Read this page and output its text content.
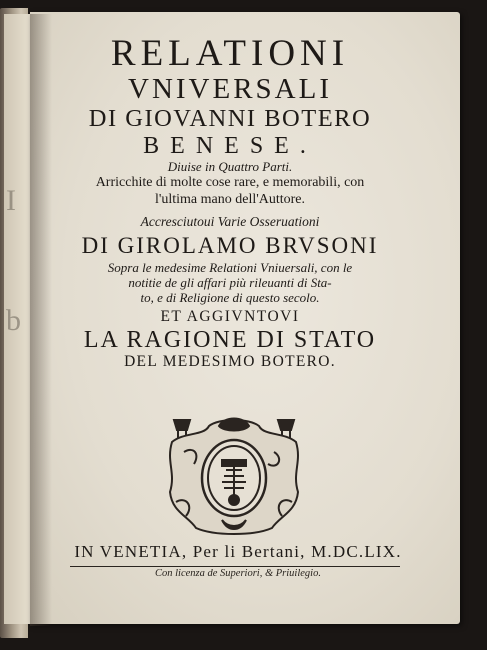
I
b
RELATIONI
VNIVERSALI
DI GIOVANNI BOTERO
BENESE.
Diuise in Quattro Parti.
Arricchite di molte cose rare, e memorabili, con
l'ultima mano dell'Auttore.
Accresciutoui Varie Osseruationi
DI GIROLAMO BRVSONI
Sopra le medesime Relationi Vniuersali, con le
notitie de gli affari più rileuanti di Sta-
to, e di Religione di questo secolo.
ET AGGIVNTOVI
LA RAGIONE DI STATO
DEL MEDESIMO BOTERO.
IN VENETIA, Per li Bertani, M.DC.LIX.
Con licenza de Superiori, & Priuilegio.
